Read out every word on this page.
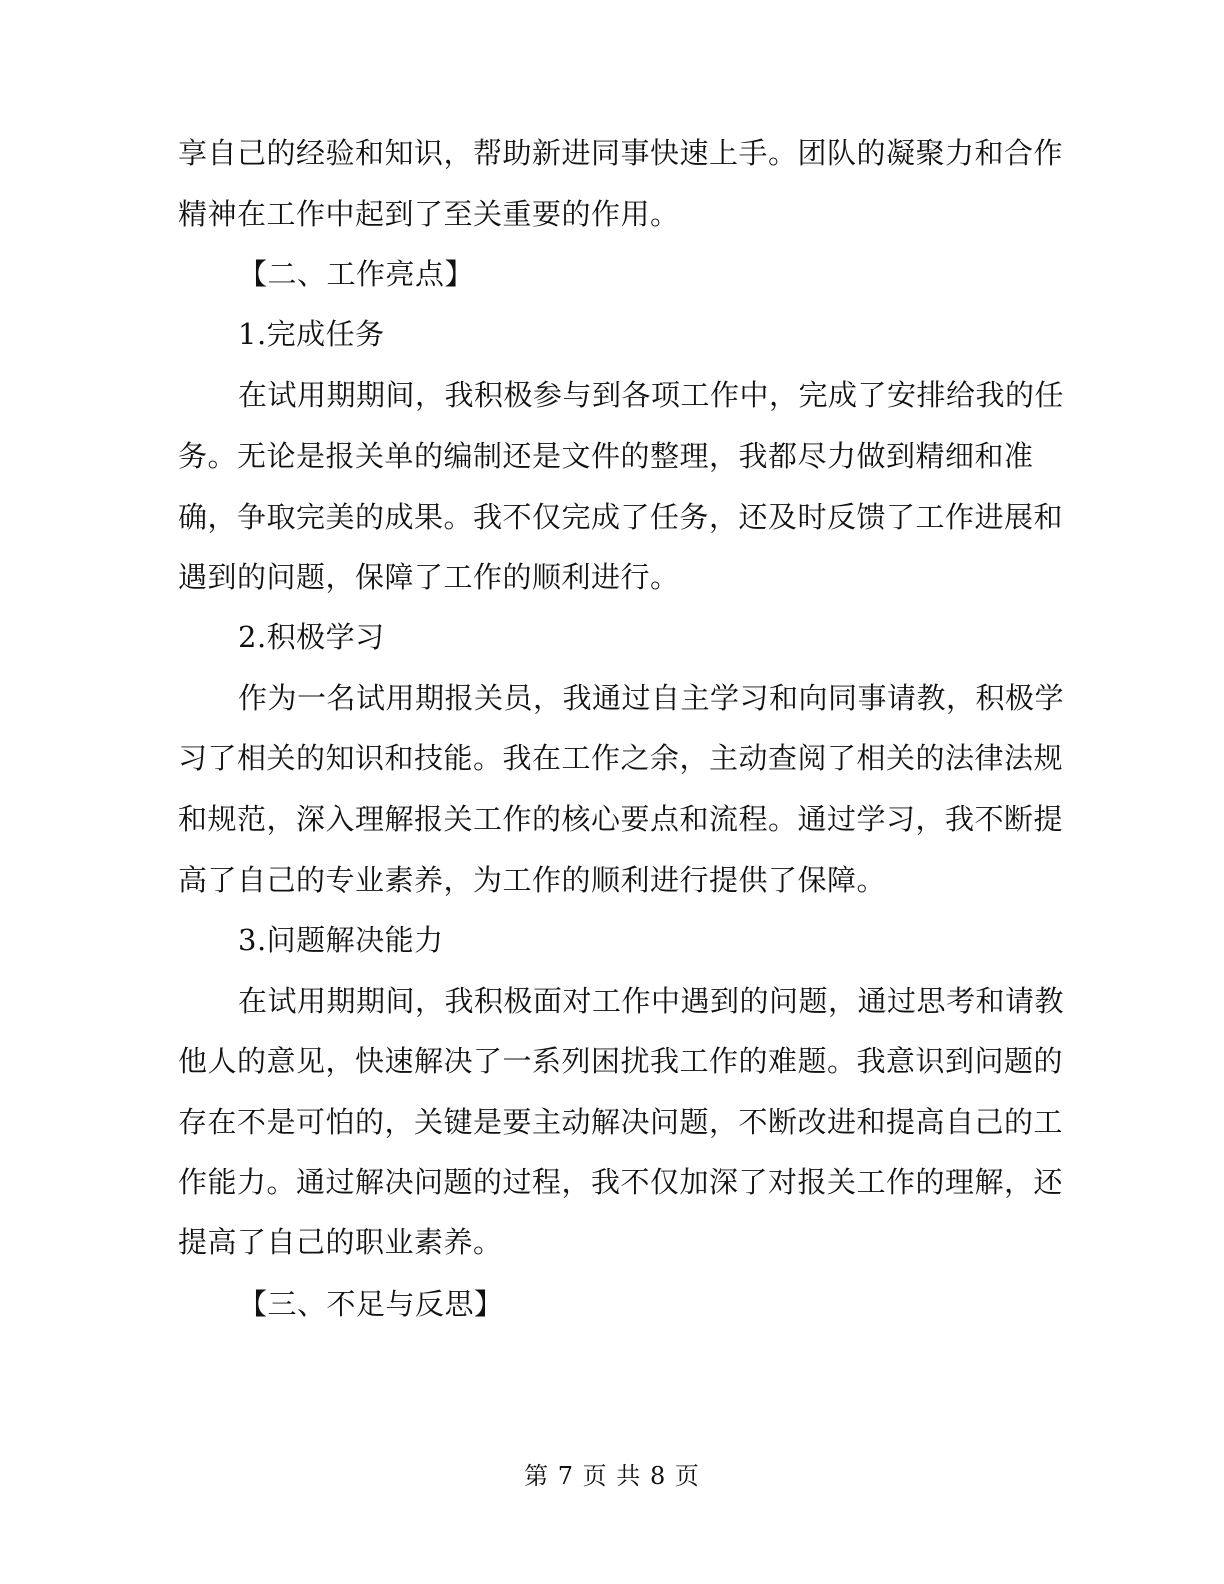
享自己的经验和知识，帮助新进同事快速上手。团队的凝聚力和合作
精神在工作中起到了至关重要的作用。
【二、工作亮点】
1.完成任务
在试用期期间，我积极参与到各项工作中，完成了安排给我的任
务。无论是报关单的编制还是文件的整理，我都尽力做到精细和准
确，争取完美的成果。我不仅完成了任务，还及时反馈了工作进展和
遇到的问题，保障了工作的顺利进行。
2.积极学习
作为一名试用期报关员，我通过自主学习和向同事请教，积极学
习了相关的知识和技能。我在工作之余，主动查阅了相关的法律法规
和规范，深入理解报关工作的核心要点和流程。通过学习，我不断提
高了自己的专业素养，为工作的顺利进行提供了保障。
3.问题解决能力
在试用期期间，我积极面对工作中遇到的问题，通过思考和请教
他人的意见，快速解决了一系列困扰我工作的难题。我意识到问题的
存在不是可怕的，关键是要主动解决问题，不断改进和提高自己的工
作能力。通过解决问题的过程，我不仅加深了对报关工作的理解，还
提高了自己的职业素养。
【三、不足与反思】
第 7 页 共 8 页
